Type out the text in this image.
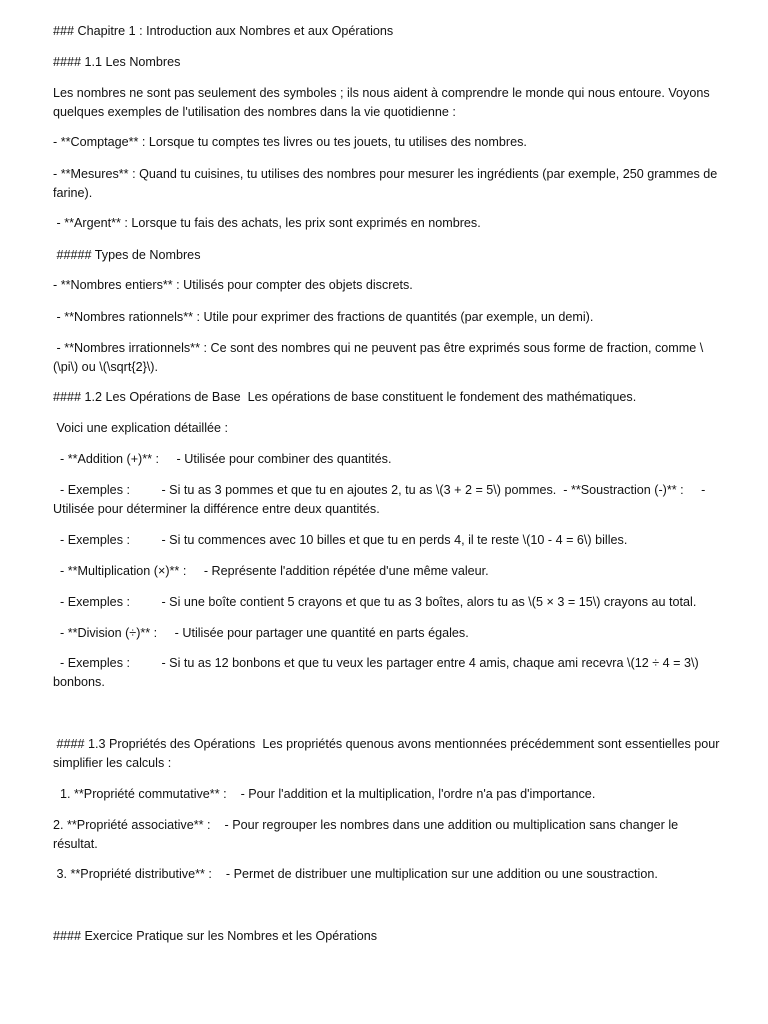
### Chapitre 1 : Introduction aux Nombres et aux Opérations

#### 1.1 Les Nombres

Les nombres ne sont pas seulement des symboles ; ils nous aident à comprendre le monde qui nous entoure. Voyons quelques exemples de l'utilisation des nombres dans la vie quotidienne :

- **Comptage** : Lorsque tu comptes tes livres ou tes jouets, tu utilises des nombres.

- **Mesures** : Quand tu cuisines, tu utilises des nombres pour mesurer les ingrédients (par exemple, 250 grammes de farine).

- **Argent** : Lorsque tu fais des achats, les prix sont exprimés en nombres.

##### Types de Nombres

- **Nombres entiers** : Utilisés pour compter des objets discrets.

- **Nombres rationnels** : Utile pour exprimer des fractions de quantités (par exemple, un demi).

- **Nombres irrationnels** : Ce sont des nombres qui ne peuvent pas être exprimés sous forme de fraction, comme \(\pi\) ou \(\sqrt{2}\).

#### 1.2 Les Opérations de Base  Les opérations de base constituent le fondement des mathématiques.

Voici une explication détaillée :

- **Addition (+)** :     - Utilisée pour combiner des quantités.

- Exemples :         - Si tu as 3 pommes et que tu en ajoutes 2, tu as \(3 + 2 = 5\) pommes.  - **Soustraction (-)** :     - Utilisée pour déterminer la différence entre deux quantités.

- Exemples :         - Si tu commences avec 10 billes et que tu en perds 4, il te reste \(10 - 4 = 6\) billes.

- **Multiplication (×)** :     - Représente l'addition répétée d'une même valeur.

- Exemples :         - Si une boîte contient 5 crayons et que tu as 3 boîtes, alors tu as \(5 × 3 = 15\) crayons au total.

- **Division (÷)** :     - Utilisée pour partager une quantité en parts égales.

- Exemples :         - Si tu as 12 bonbons et que tu veux les partager entre 4 amis, chaque ami recevra \(12 ÷ 4 = 3\) bonbons.

#### 1.3 Propriétés des Opérations  Les propriétés quenous avons mentionnées précédemment sont essentielles pour simplifier les calculs :

1. **Propriété commutative** :    - Pour l'addition et la multiplication, l'ordre n'a pas d'importance.

2. **Propriété associative** :    - Pour regrouper les nombres dans une addition ou multiplication sans changer le résultat.

3. **Propriété distributive** :    - Permet de distribuer une multiplication sur une addition ou une soustraction.

#### Exercice Pratique sur les Nombres et les Opérations
